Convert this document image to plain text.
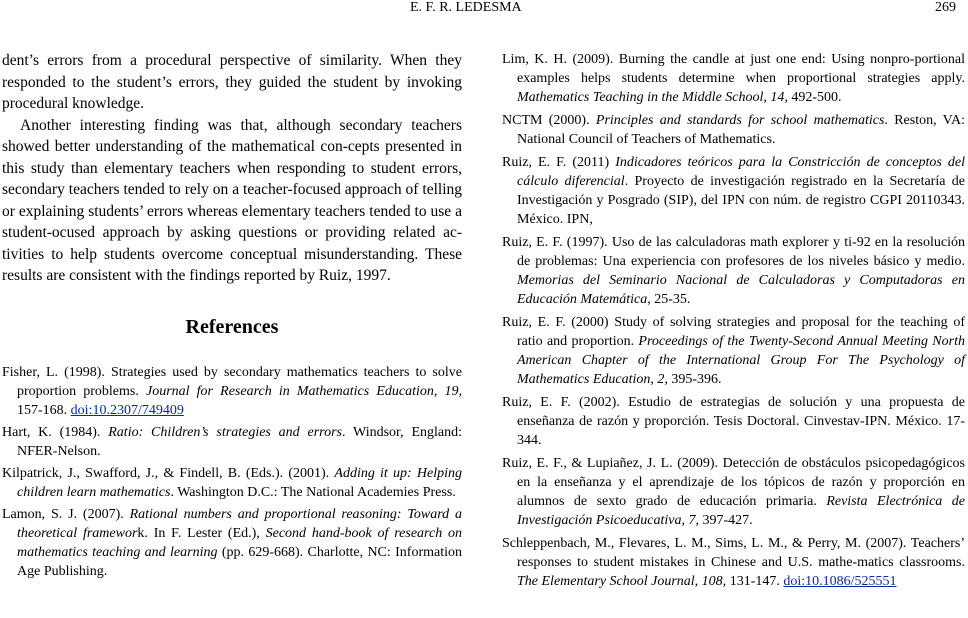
E. F. R. LEDESMA	269

dent’s errors from a procedural perspective of similarity. When they responded to the student’s errors, they guided the student by invoking procedural knowledge.

Another interesting finding was that, although secondary teachers showed better understanding of the mathematical con-cepts presented in this study than elementary teachers when responding to student errors, secondary teachers tended to rely on a teacher-focused approach of telling or explaining students’ errors whereas elementary teachers tended to use a student-ocused approach by asking questions or providing related ac-tivities to help students overcome conceptual misunderstanding. These results are consistent with the findings reported by Ruiz, 1997.

References

Fisher, L. (1998). Strategies used by secondary mathematics teachers to solve proportion problems. Journal for Research in Mathematics Education, 19, 157-168. doi:10.2307/749409

Hart, K. (1984). Ratio: Children’s strategies and errors. Windsor, England: NFER-Nelson.

Kilpatrick, J., Swafford, J., & Findell, B. (Eds.). (2001). Adding it up: Helping children learn mathematics. Washington D.C.: The National Academies Press.

Lamon, S. J. (2007). Rational numbers and proportional reasoning: Toward a theoretical framework. In F. Lester (Ed.), Second hand-book of research on mathematics teaching and learning (pp. 629-668). Charlotte, NC: Information Age Publishing.

Lim, K. H. (2009). Burning the candle at just one end: Using nonpro-portional examples helps students determine when proportional strategies apply. Mathematics Teaching in the Middle School, 14, 492-500.

NCTM (2000). Principles and standards for school mathematics. Reston, VA: National Council of Teachers of Mathematics.

Ruiz, E. F. (2011) Indicadores teóricos para la Constricción de conceptos del cálculo diferencial. Proyecto de investigación registrado en la Secretaría de Investigación y Posgrado (SIP), del IPN con núm. de registro CGPI 20110343. México. IPN,

Ruiz, E. F. (1997). Uso de las calculadoras math explorer y ti-92 en la resolución de problemas: Una experiencia con profesores de los niveles básico y medio. Memorias del Seminario Nacional de Calculadoras y Computadoras en Educación Matemática, 25-35.

Ruiz, E. F. (2000) Study of solving strategies and proposal for the teaching of ratio and proportion. Proceedings of the Twenty-Second Annual Meeting North American Chapter of the International Group For The Psychology of Mathematics Education, 2, 395-396.

Ruiz, E. F. (2002). Estudio de estrategias de solución y una propuesta de enseñanza de razón y proporción. Tesis Doctoral. Cinvestav-IPN. México. 17-344.

Ruiz, E. F., & Lupiañez, J. L. (2009). Detección de obstáculos psicopedagógicos en la enseñanza y el aprendizaje de los tópicos de razón y proporción en alumnos de sexto grado de educación primaria. Revista Electrónica de Investigación Psicoeducativa, 7, 397-427.

Schleppenbach, M., Flevares, L. M., Sims, L. M., & Perry, M. (2007). Teachers’ responses to student mistakes in Chinese and U.S. mathe-matics classrooms. The Elementary School Journal, 108, 131-147. doi:10.1086/525551
